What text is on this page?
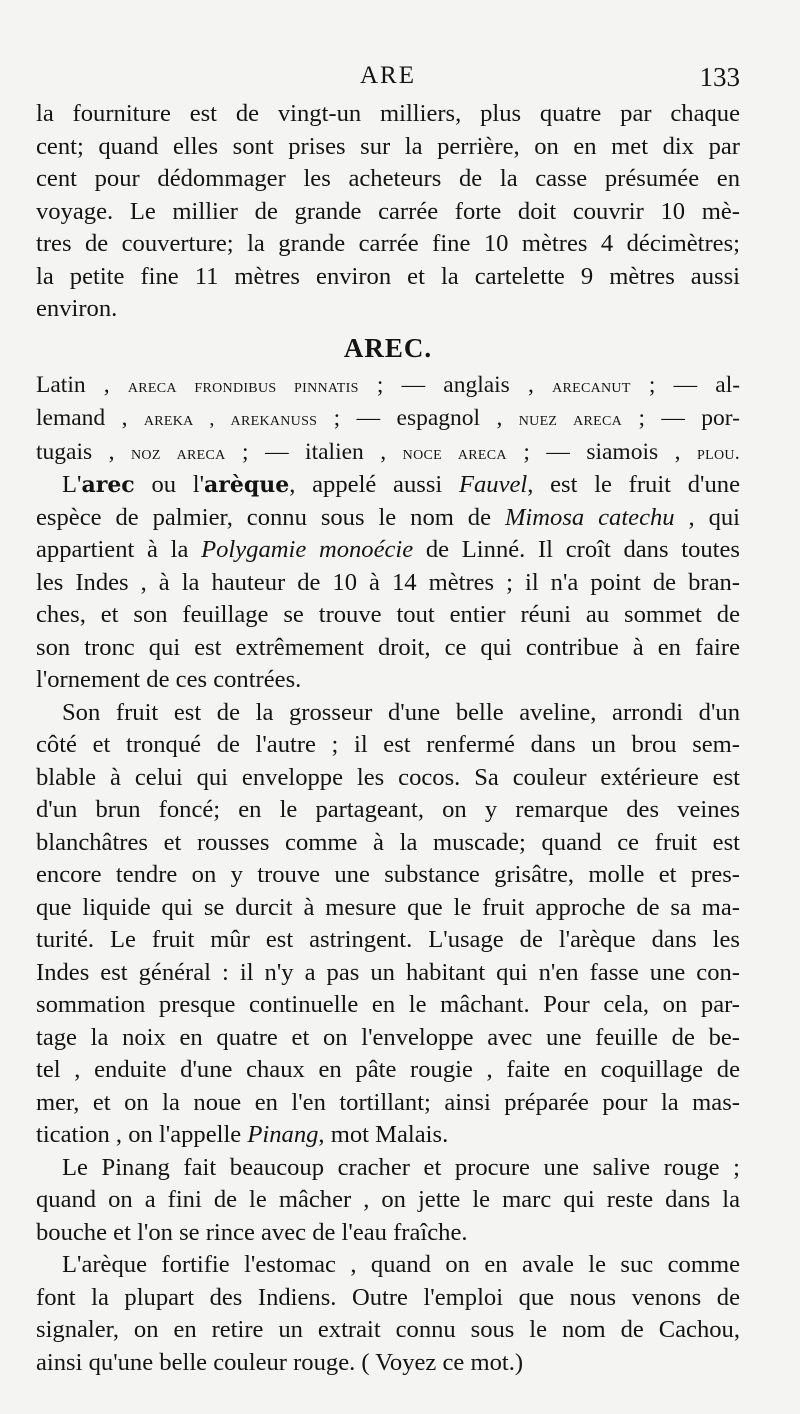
ARE	133

la fourniture est de vingt-un milliers, plus quatre par chaque

cent; quand elles sont prises sur la perrière, on en met dix par

cent pour dédommager les acheteurs de la casse présumée en

voyage. Le millier de grande carrée forte doit couvrir 10 mè-

tres de couverture; la grande carrée fine 10 mètres 4 décimètres;

la petite fine 11 mètres environ et la cartelette 9 mètres aussi

environ.

AREC.

Latin , areca frondibus pinnatis ; — anglais , arecanut ; — al-

lemand , areka , arekanuss ; — espagnol , nuez areca ; — por-

tugais , noz areca ; — italien , noce areca ; — siamois , plou.

L'arec ou l'arèque, appelé aussi Fauvel, est le fruit d'une

espèce de palmier, connu sous le nom de Mimosa catechu , qui

appartient à la Polygamie monoécie de Linné. Il croît dans toutes

les Indes , à la hauteur de 10 à 14 mètres ; il n'a point de bran-

ches, et son feuillage se trouve tout entier réuni au sommet de

son tronc qui est extrêmement droit, ce qui contribue à en faire

l'ornement de ces contrées.

Son fruit est de la grosseur d'une belle aveline, arrondi d'un

côté et tronqué de l'autre ; il est renfermé dans un brou sem-

blable à celui qui enveloppe les cocos. Sa couleur extérieure est

d'un brun foncé; en le partageant, on y remarque des veines

blanchâtres et rousses comme à la muscade; quand ce fruit est

encore tendre on y trouve une substance grisâtre, molle et pres-

que liquide qui se durcit à mesure que le fruit approche de sa ma-

turité. Le fruit mûr est astringent. L'usage de l'arèque dans les

Indes est général : il n'y a pas un habitant qui n'en fasse une con-

sommation presque continuelle en le mâchant. Pour cela, on par-

tage la noix en quatre et on l'enveloppe avec une feuille de be-

tel , enduite d'une chaux en pâte rougie , faite en coquillage de

mer, et on la noue en l'en tortillant; ainsi préparée pour la mas-

tication , on l'appelle Pinang, mot Malais.

Le Pinang fait beaucoup cracher et procure une salive rouge ;

quand on a fini de le mâcher , on jette le marc qui reste dans la

bouche et l'on se rince avec de l'eau fraîche.

L'arèque fortifie l'estomac , quand on en avale le suc comme

font la plupart des Indiens. Outre l'emploi que nous venons de

signaler, on en retire un extrait connu sous le nom de Cachou,

ainsi qu'une belle couleur rouge. ( Voyez ce mot.)
